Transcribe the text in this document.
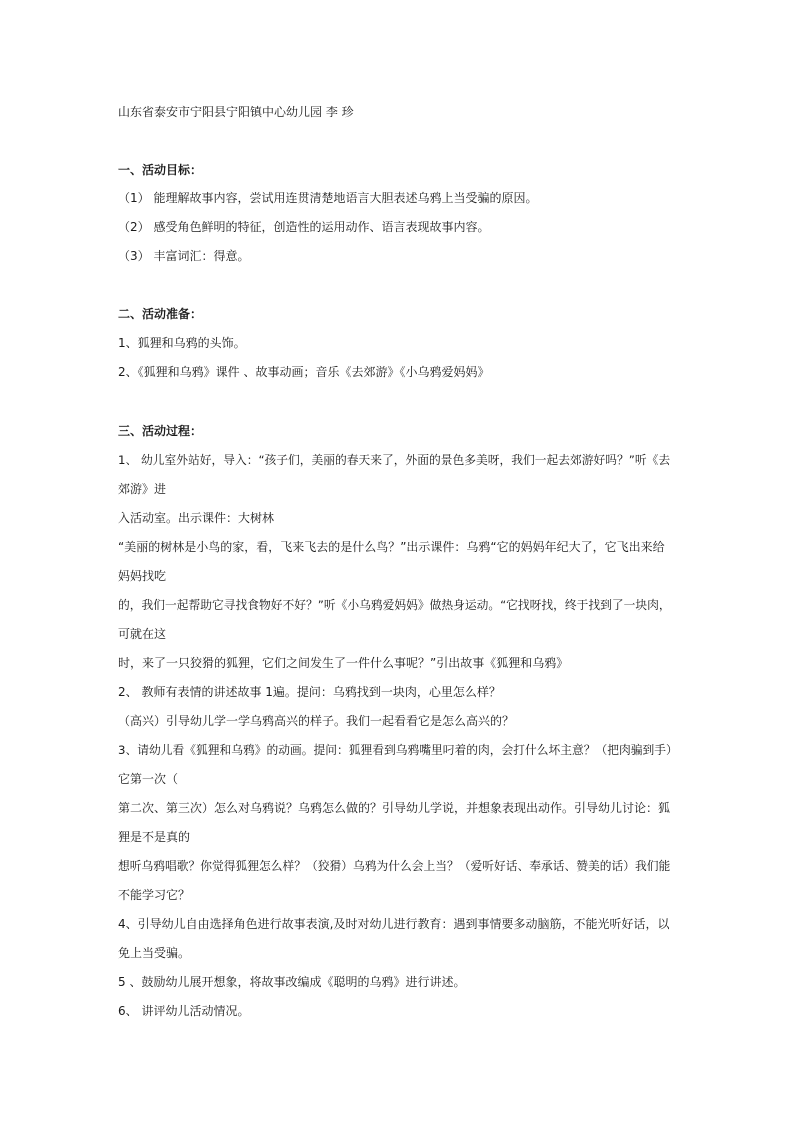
山东省泰安市宁阳县宁阳镇中心幼儿园 李 珍
一、活动目标：
（1） 能理解故事内容，尝试用连贯清楚地语言大胆表述乌鸦上当受骗的原因。
（2） 感受角色鲜明的特征，创造性的运用动作、语言表现故事内容。
（3） 丰富词汇：得意。
二、活动准备：
1、狐狸和乌鸦的头饰。
2、《狐狸和乌鸦》课件 、故事动画；音乐《去郊游》《小乌鸦爱妈妈》
三、活动过程：
1、 幼儿室外站好，导入：“孩子们，美丽的春天来了，外面的景色多美呀，我们一起去郊游好吗？”听《去
郊游》进
入活动室。出示课件：大树林
“美丽的树林是小鸟的家，看，飞来飞去的是什么鸟？”出示课件：乌鸦“它的妈妈年纪大了，它飞出来给
妈妈找吃
的，我们一起帮助它寻找食物好不好？”听《小乌鸦爱妈妈》做热身运动。“它找呀找，终于找到了一块肉，
可就在这
时，来了一只狡猾的狐狸，它们之间发生了一件什么事呢？”引出故事《狐狸和乌鸦》
2、 教师有表情的讲述故事 1遍。提问：乌鸦找到一块肉，心里怎么样？
（高兴）引导幼儿学一学乌鸦高兴的样子。我们一起看看它是怎么高兴的？
3、请幼儿看《狐狸和乌鸦》的动画。提问：狐狸看到乌鸦嘴里叼着的肉，会打什么坏主意？（把肉骗到手）
它第一次（
第二次、第三次）怎么对乌鸦说？乌鸦怎么做的？引导幼儿学说，并想象表现出动作。引导幼儿讨论：狐
狸是不是真的
想听乌鸦唱歌？你觉得狐狸怎么样？（狡猾）乌鸦为什么会上当？（爱听好话、奉承话、赞美的话）我们能
不能学习它？
4、引导幼儿自由选择角色进行故事表演,及时对幼儿进行教育：遇到事情要多动脑筋，不能光听好话，以
免上当受骗。
5 、鼓励幼儿展开想象，将故事改编成《聪明的乌鸦》进行讲述。
6、 讲评幼儿活动情况。
